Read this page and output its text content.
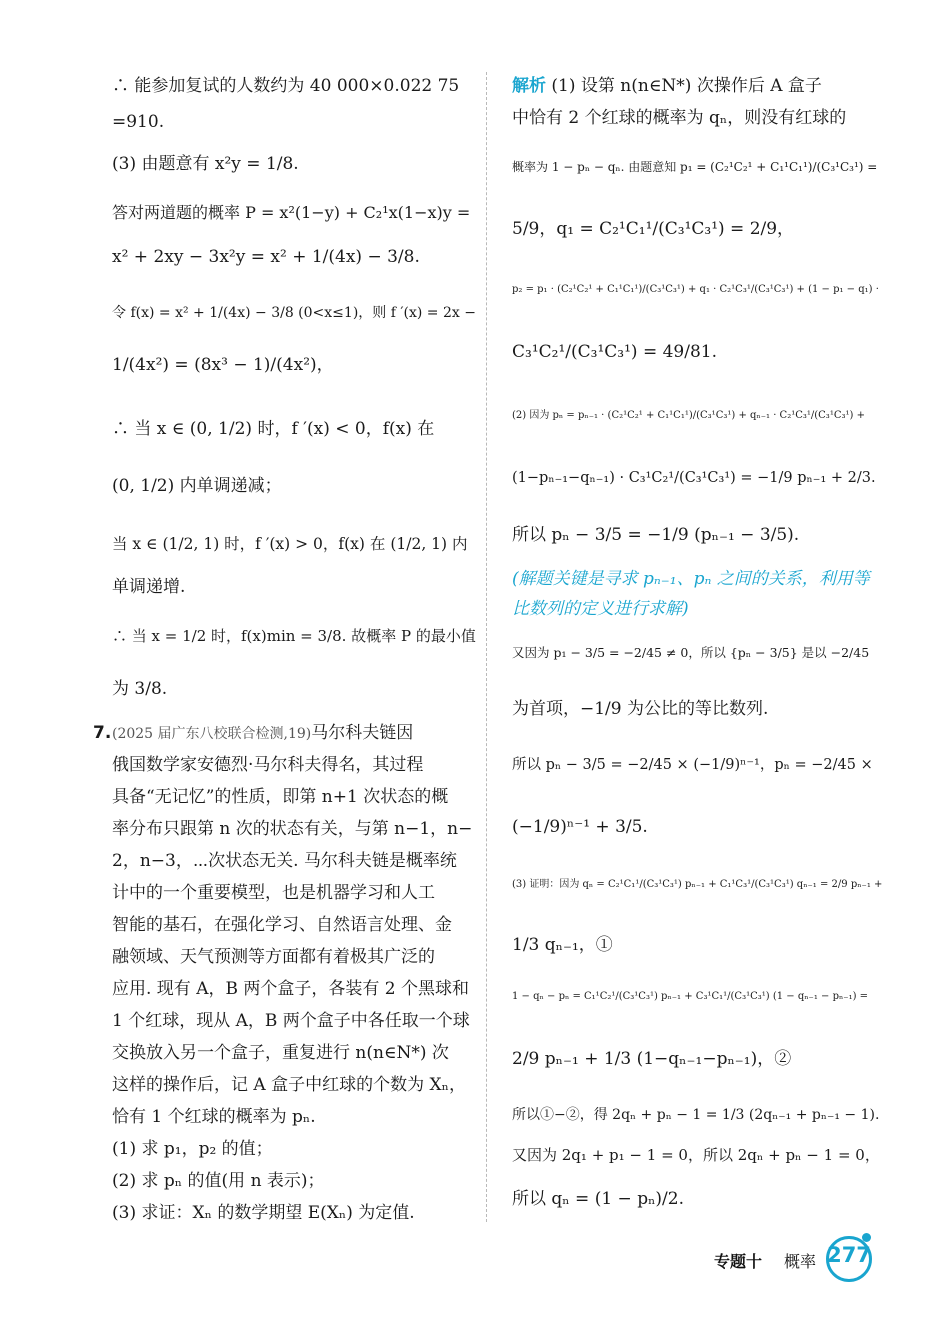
∴ 能参加复试的人数约为 40 000×0.022 75
=910.
(3) 由题意有 x²y = 1/8.
答对两道题的概率 P = x²(1−y) + C₂¹x(1−x)y =
x² + 2xy − 3x²y = x² + 1/(4x) − 3/8.
令 f(x) = x² + 1/(4x) − 3/8 (0<x≤1)，则 f ′(x) = 2x −
1/(4x²) = (8x³ − 1)/(4x²)，
∴ 当 x ∈ (0, 1/2) 时，f ′(x) < 0，f(x) 在
(0, 1/2) 内单调递减；
当 x ∈ (1/2, 1) 时，f ′(x) > 0，f(x) 在 (1/2, 1) 内
单调递增.
∴ 当 x = 1/2 时，f(x)min = 3/8. 故概率 P 的最小值
为 3/8.
7. (2025 届广东八校联合检测,19)马尔科夫链因
俄国数学家安德烈·马尔科夫得名，其过程
具备“无记忆”的性质，即第 n+1 次状态的概
率分布只跟第 n 次的状态有关，与第 n−1，n−
2，n−3，⋯次状态无关. 马尔科夫链是概率统
计中的一个重要模型，也是机器学习和人工
智能的基石，在强化学习、自然语言处理、金
融领域、天气预测等方面都有着极其广泛的
应用. 现有 A，B 两个盒子，各装有 2 个黑球和
1 个红球，现从 A，B 两个盒子中各任取一个球
交换放入另一个盒子，重复进行 n(n∈N*) 次
这样的操作后，记 A 盒子中红球的个数为 Xₙ，
恰有 1 个红球的概率为 pₙ.
(1) 求 p₁，p₂ 的值；
(2) 求 pₙ 的值(用 n 表示)；
(3) 求证：Xₙ 的数学期望 E(Xₙ) 为定值.
解析 (1) 设第 n(n∈N*) 次操作后 A 盒子
中恰有 2 个红球的概率为 qₙ，则没有红球的
概率为 1 − pₙ − qₙ. 由题意知 p₁ = (C₂¹C₂¹ + C₁¹C₁¹)/(C₃¹C₃¹) =
5/9，q₁ = C₂¹C₁¹/(C₃¹C₃¹) = 2/9，
p₂ = p₁ · (C₂¹C₂¹ + C₁¹C₁¹)/(C₃¹C₃¹) + q₁ · C₂¹C₃¹/(C₃¹C₃¹) + (1 − p₁ − q₁) ·
C₃¹C₂¹/(C₃¹C₃¹) = 49/81.
(2) 因为 pₙ = pₙ₋₁ · (C₂¹C₂¹ + C₁¹C₁¹)/(C₃¹C₃¹) + qₙ₋₁ · C₂¹C₃¹/(C₃¹C₃¹) +
(1−pₙ₋₁−qₙ₋₁) · C₃¹C₂¹/(C₃¹C₃¹) = −1/9 pₙ₋₁ + 2/3.
所以 pₙ − 3/5 = −1/9 (pₙ₋₁ − 3/5).
(解题关键是寻求 pₙ₋₁、pₙ 之间的关系，利用等
比数列的定义进行求解)
又因为 p₁ − 3/5 = −2/45 ≠ 0，所以 {pₙ − 3/5} 是以 −2/45
为首项，−1/9 为公比的等比数列.
所以 pₙ − 3/5 = −2/45 × (−1/9)ⁿ⁻¹，pₙ = −2/45 ×
(−1/9)ⁿ⁻¹ + 3/5.
(3) 证明：因为 qₙ = C₂¹C₁¹/(C₃¹C₃¹) pₙ₋₁ + C₁¹C₃¹/(C₃¹C₃¹) qₙ₋₁ = 2/9 pₙ₋₁ +
1/3 qₙ₋₁，①
1 − qₙ − pₙ = C₁¹C₂¹/(C₃¹C₃¹) pₙ₋₁ + C₃¹C₁¹/(C₃¹C₃¹) (1 − qₙ₋₁ − pₙ₋₁) =
2/9 pₙ₋₁ + 1/3 (1−qₙ₋₁−pₙ₋₁)，②
所以①−②，得 2qₙ + pₙ − 1 = 1/3 (2qₙ₋₁ + pₙ₋₁ − 1).
又因为 2q₁ + p₁ − 1 = 0，所以 2qₙ + pₙ − 1 = 0，
所以 qₙ = (1 − pₙ)/2.
专题十 概率 277
